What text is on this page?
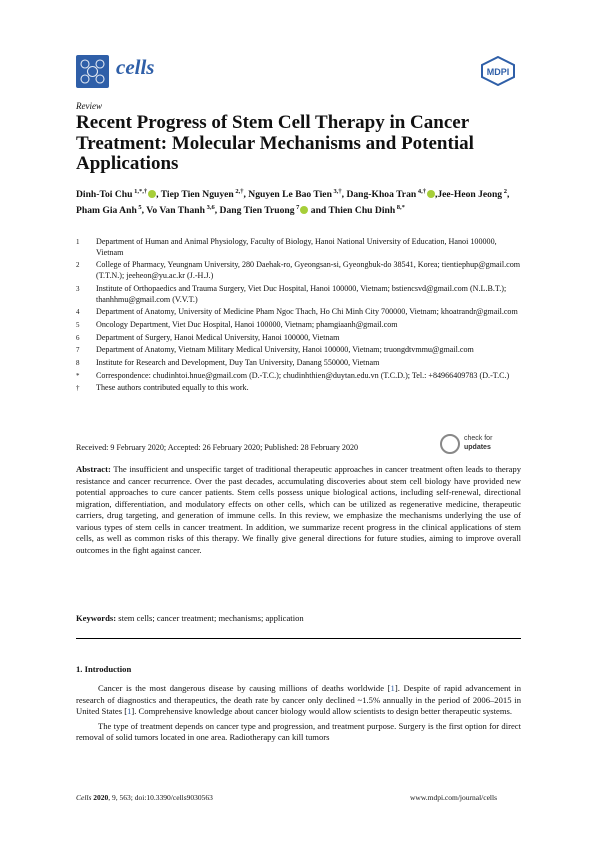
cells	MDPI
Review
Recent Progress of Stem Cell Therapy in Cancer Treatment: Molecular Mechanisms and Potential Applications
Dinh-Toi Chu $^{1,*,\dagger}$ , Tiep Tien Nguyen $^{2,\dagger}$, Nguyen Le Bao Tien $^{3,\dagger}$, Dang-Khoa Tran $^{4,\dagger}$ ,Jee-Heon Jeong $^2$, Pham Gia Anh $^5$, Vo Van Thanh $^{3,6}$, Dang Tien Truong $^7$ and Thien Chu Dinh $^{8,*}$
1	Department of Human and Animal Physiology, Faculty of Biology, Hanoi National University of Education, Hanoi 100000, Vietnam
2	College of Pharmacy, Yeungnam University, 280 Daehak-ro, Gyeongsan-si, Gyeongbuk-do 38541, Korea; tientiephup@gmail.com (T.T.N.); jeeheon@yu.ac.kr (J.-H.J.)
3	Institute of Orthopaedics and Trauma Surgery, Viet Duc Hospital, Hanoi 100000, Vietnam; bstiencsvd@gmail.com (N.L.B.T.); thanhhmu@gmail.com (V.V.T.)
4	Department of Anatomy, University of Medicine Pham Ngoc Thach, Ho Chi Minh City 700000, Vietnam; khoatrandr@gmail.com
5	Oncology Department, Viet Duc Hospital, Hanoi 100000, Vietnam; phamgiaanh@gmail.com
6	Department of Surgery, Hanoi Medical University, Hanoi 100000, Vietnam
7	Department of Anatomy, Vietnam Military Medical University, Hanoi 100000, Vietnam; truongdtvmmu@gmail.com
8	Institute for Research and Development, Duy Tan University, Danang 550000, Vietnam
*	Correspondence: chudinhtoi.hnue@gmail.com (D.-T.C.); chudinhthien@duytan.edu.vn (T.C.D.); Tel.: +84966409783 (D.-T.C.)
†	These authors contributed equally to this work.
Received: 9 February 2020; Accepted: 26 February 2020; Published: 28 February 2020
check for
updates
Abstract: The insufficient and unspecific target of traditional therapeutic approaches in cancer treatment often leads to therapy resistance and cancer recurrence. Over the past decades, accumulating discoveries about stem cell biology have provided new potential approaches to cure cancer patients. Stem cells possess unique biological actions, including self-renewal, directional migration, differentiation, and modulatory effects on other cells, which can be utilized as regenerative medicine, therapeutic carriers, drug targeting, and generation of immune cells. In this review, we emphasize the mechanisms underlying the use of various types of stem cells in cancer treatment. In addition, we summarize recent progress in the clinical applications of stem cells, as well as common risks of this therapy. We finally give general directions for future studies, aiming to improve overall outcomes in the fight against cancer.
Keywords: stem cells; cancer treatment; mechanisms; application
1. Introduction

Cancer is the most dangerous disease by causing millions of deaths worldwide [1]. Despite of rapid advancement in research of diagnostics and therapeutics, the death rate by cancer only declined ~1.5% annually in the period of 2006–2015 in United States [1]. Comprehensive knowledge about cancer biology would allow scientists to design better therapeutic systems.

The type of treatment depends on cancer type and progression, and treatment purpose. Surgery is the first option for direct removal of solid tumors located in one area. Radiotherapy can kill tumors

Cells 2020, 9, 563; doi:10.3390/cells9030563	www.mdpi.com/journal/cells
